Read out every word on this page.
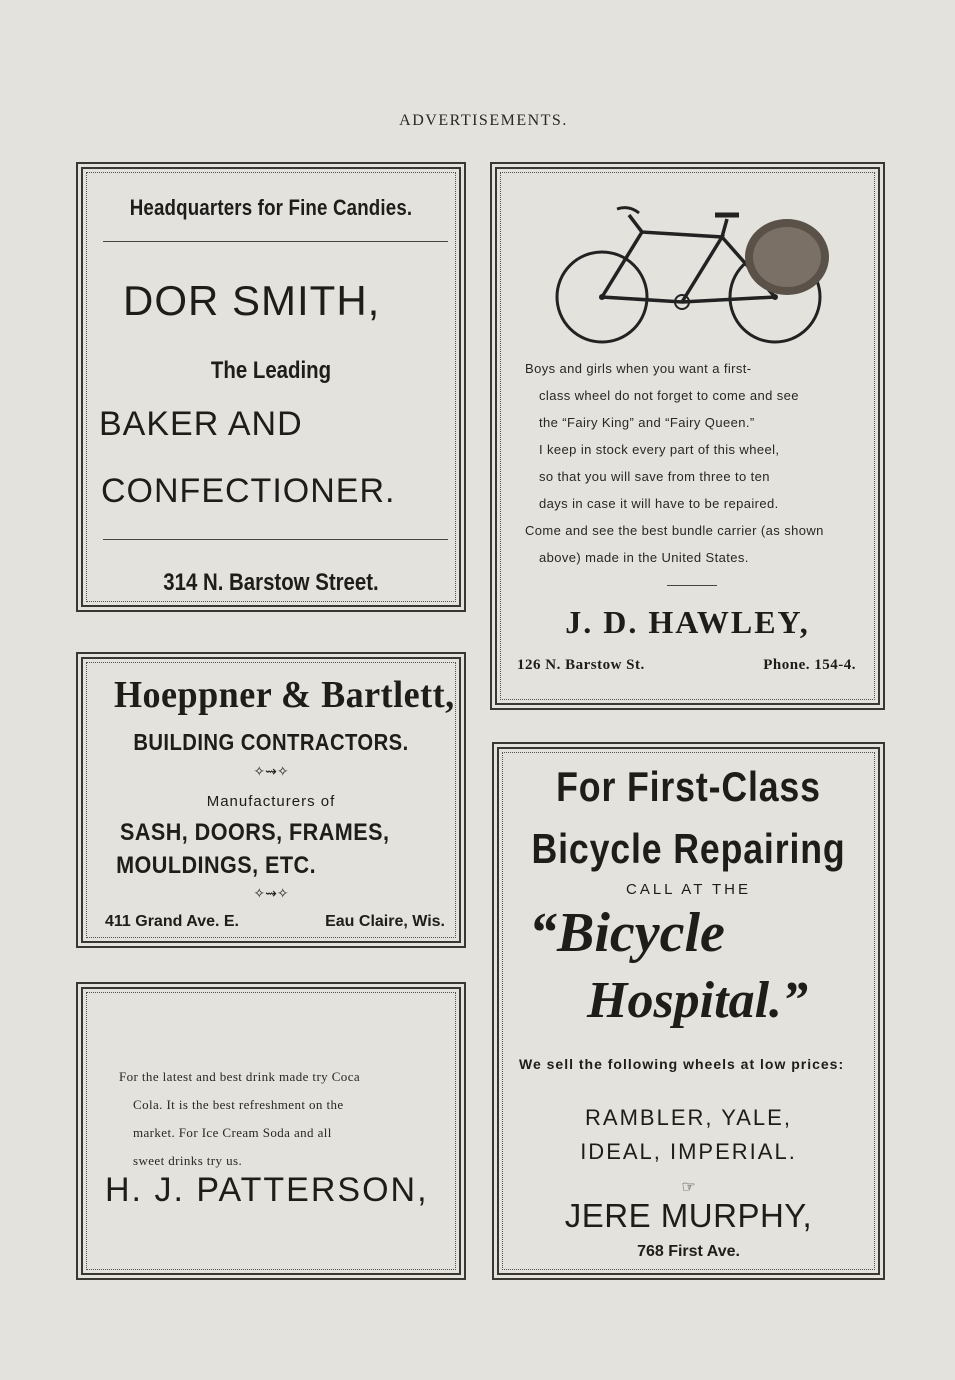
ADVERTISEMENTS.
Headquarters for Fine Candies.
DOR SMITH,
The Leading
BAKER AND
CONFECTIONER.
314 N. Barstow Street.
Boys and girls when you want a first-
class wheel do not forget to come and see
the “Fairy King” and “Fairy Queen.”
I keep in stock every part of this wheel,
so that you will save from three to ten
days in case it will have to be repaired.
Come and see the best bundle carrier (as shown
above) made in the United States.
J. D. HAWLEY,
126 N. Barstow St.	Phone. 154-4.
Hoeppner & Bartlett,
BUILDING CONTRACTORS.
✧⇝✧
Manufacturers of
SASH, DOORS, FRAMES,
MOULDINGS, ETC.
✧⇝✧
411 Grand Ave. E.	Eau Claire, Wis.
For the latest and best drink made try Coca
Cola. It is the best refreshment on the
market. For Ice Cream Soda and all
sweet drinks try us.
H. J. PATTERSON,
For First-Class
Bicycle Repairing
CALL AT THE
“Bicycle
Hospital.”
We sell the following wheels at low prices:
RAMBLER, YALE,
IDEAL, IMPERIAL.
☞
JERE MURPHY,
768 First Ave.
